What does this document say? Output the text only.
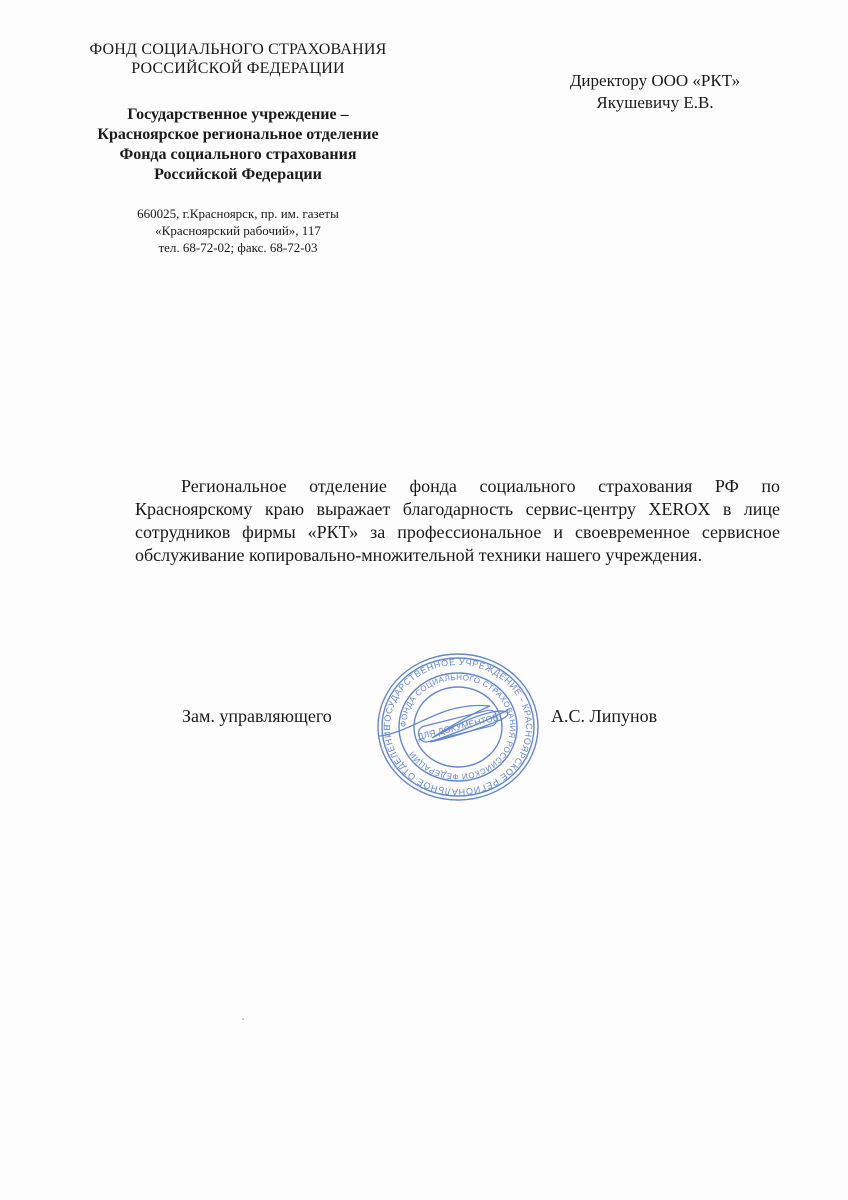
ФОНД СОЦИАЛЬНОГО СТРАХОВАНИЯ
РОССИЙСКОЙ ФЕДЕРАЦИИ
Государственное учреждение –
Красноярское региональное отделение
Фонда социального страхования
Российской Федерации
660025, г.Красноярск, пр. им. газеты
«Красноярский рабочий», 117
тел. 68-72-02; факс. 68-72-03
Директору ООО «РКТ»
Якушевичу Е.В.
Региональное отделение фонда социального страхования РФ по Красноярскому краю выражает благодарность сервис-центру XEROX в лице сотрудников фирмы «РКТ» за профессиональное и своевременное сервисное обслуживание копировально-множительной техники нашего учреждения.
Зам. управляющего	ГОСУДАРСТВЕННОЕ УЧРЕЖДЕНИЕ - КРАСНОЯРСКОЕ РЕГИОНАЛЬНОЕ ОТДЕЛЕНИЕ
ФОНДА СОЦИАЛЬНОГО СТРАХОВАНИЯ РОССИЙСКОЙ ФЕДЕРАЦИИ
ДЛЯ ДОКУМЕНТОВ	А.С. Липунов
